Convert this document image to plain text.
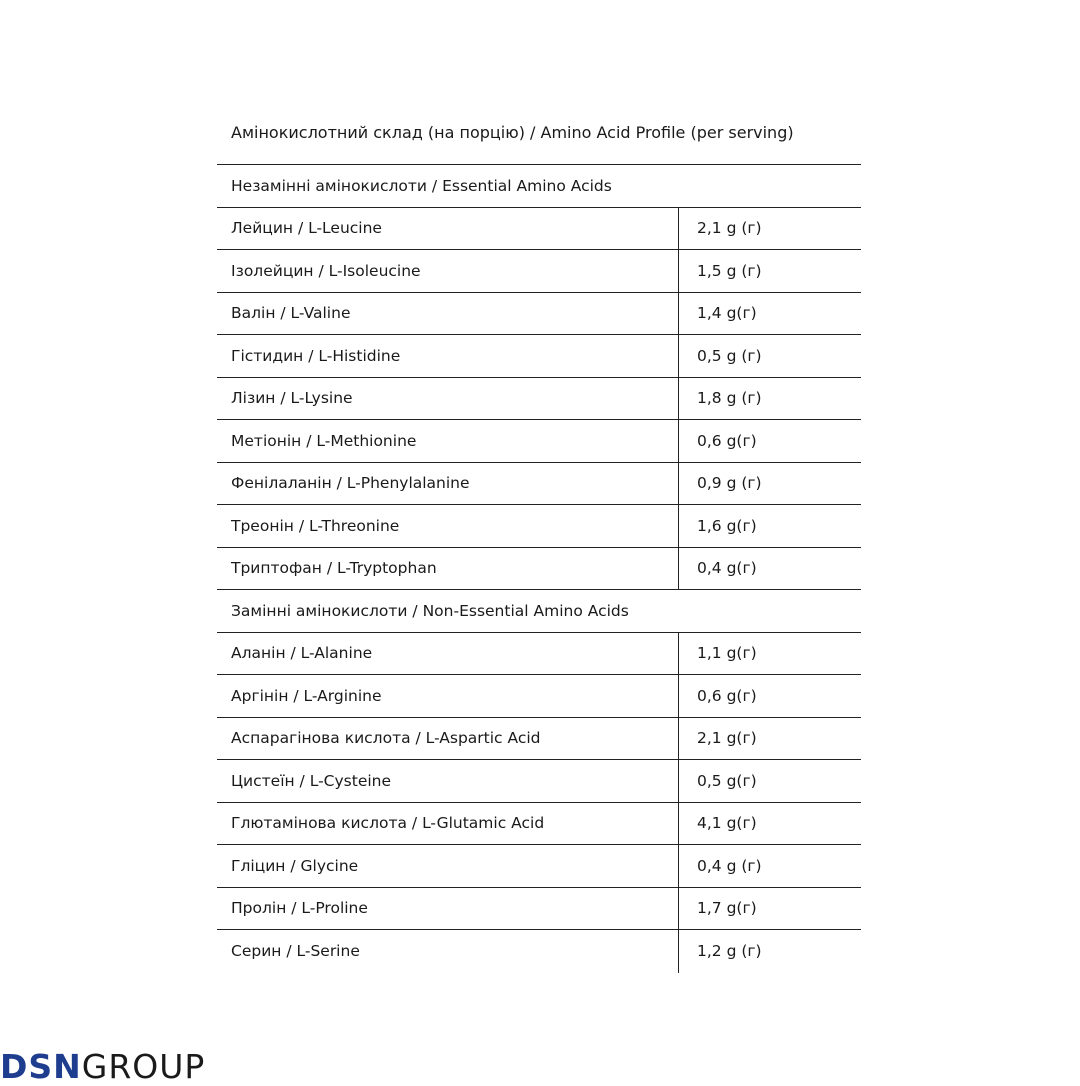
Амінокислотний склад (на порцію) / Amino Acid Profile (per serving)
Незамінні амінокислоти / Essential Amino Acids
Лейцин / L-Leucine	2,1 g (г)
Ізолейцин / L-Isoleucine	1,5 g (г)
Валін / L-Valine	1,4 g(г)
Гістидин / L-Histidine	0,5 g (г)
Лізин / L-Lysine	1,8 g (г)
Метіонін / L-Methionine	0,6 g(г)
Фенілаланін / L-Phenylalanine	0,9 g (г)
Треонін / L-Threonine	1,6 g(г)
Триптофан / L-Tryptophan	0,4 g(г)
Замінні амінокислоти / Non-Essential Amino Acids
Аланін / L-Alanine	1,1 g(г)
Аргінін / L-Arginine	0,6 g(г)
Аспарагінова кислота / L-Aspartic Acid	2,1 g(г)
Цистеїн / L-Cysteine	0,5 g(г)
Глютамінова кислота / L-Glutamic Acid	4,1 g(г)
Гліцин / Glycine	0,4 g (г)
Пролін / L-Proline	1,7 g(г)
Серин / L-Serine	1,2 g (г)
DSNGROUP
